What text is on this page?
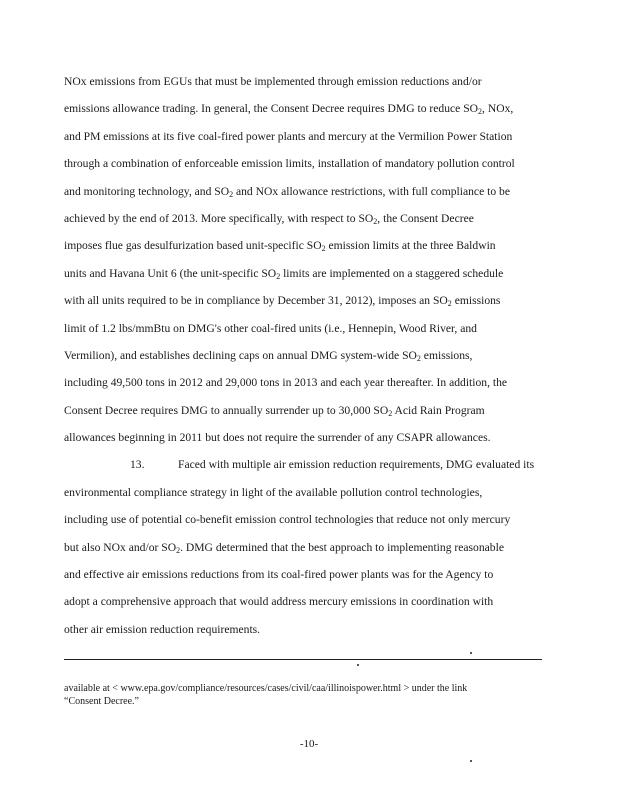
NOx emissions from EGUs that must be implemented through emission reductions and/or
emissions allowance trading. In general, the Consent Decree requires DMG to reduce $SO_2$, NOx,
and PM emissions at its five coal-fired power plants and mercury at the Vermilion Power Station
through a combination of enforceable emission limits, installation of mandatory pollution control
and monitoring technology, and $SO_2$ and NOx allowance restrictions, with full compliance to be
achieved by the end of 2013. More specifically, with respect to $SO_2$, the Consent Decree
imposes flue gas desulfurization based unit-specific $SO_2$ emission limits at the three Baldwin
units and Havana Unit 6 (the unit-specific $SO_2$ limits are implemented on a staggered schedule
with all units required to be in compliance by December 31, 2012), imposes an $SO_2$ emissions
limit of 1.2 lbs/mmBtu on DMG's other coal-fired units (i.e., Hennepin, Wood River, and
Vermilion), and establishes declining caps on annual DMG system-wide $SO_2$ emissions,
including 49,500 tons in 2012 and 29,000 tons in 2013 and each year thereafter. In addition, the
Consent Decree requires DMG to annually surrender up to 30,000 $SO_2$ Acid Rain Program
allowances beginning in 2011 but does not require the surrender of any CSAPR allowances.
13.	Faced with multiple air emission reduction requirements, DMG evaluated its
environmental compliance strategy in light of the available pollution control technologies,
including use of potential co-benefit emission control technologies that reduce not only mercury
but also NOx and/or $SO_2$. DMG determined that the best approach to implementing reasonable
and effective air emissions reductions from its coal-fired power plants was for the Agency to
adopt a comprehensive approach that would address mercury emissions in coordination with
other air emission reduction requirements.
available at < www.epa.gov/compliance/resources/cases/civil/caa/illinoispower.html > under the link
“Consent Decree.”
-10-
